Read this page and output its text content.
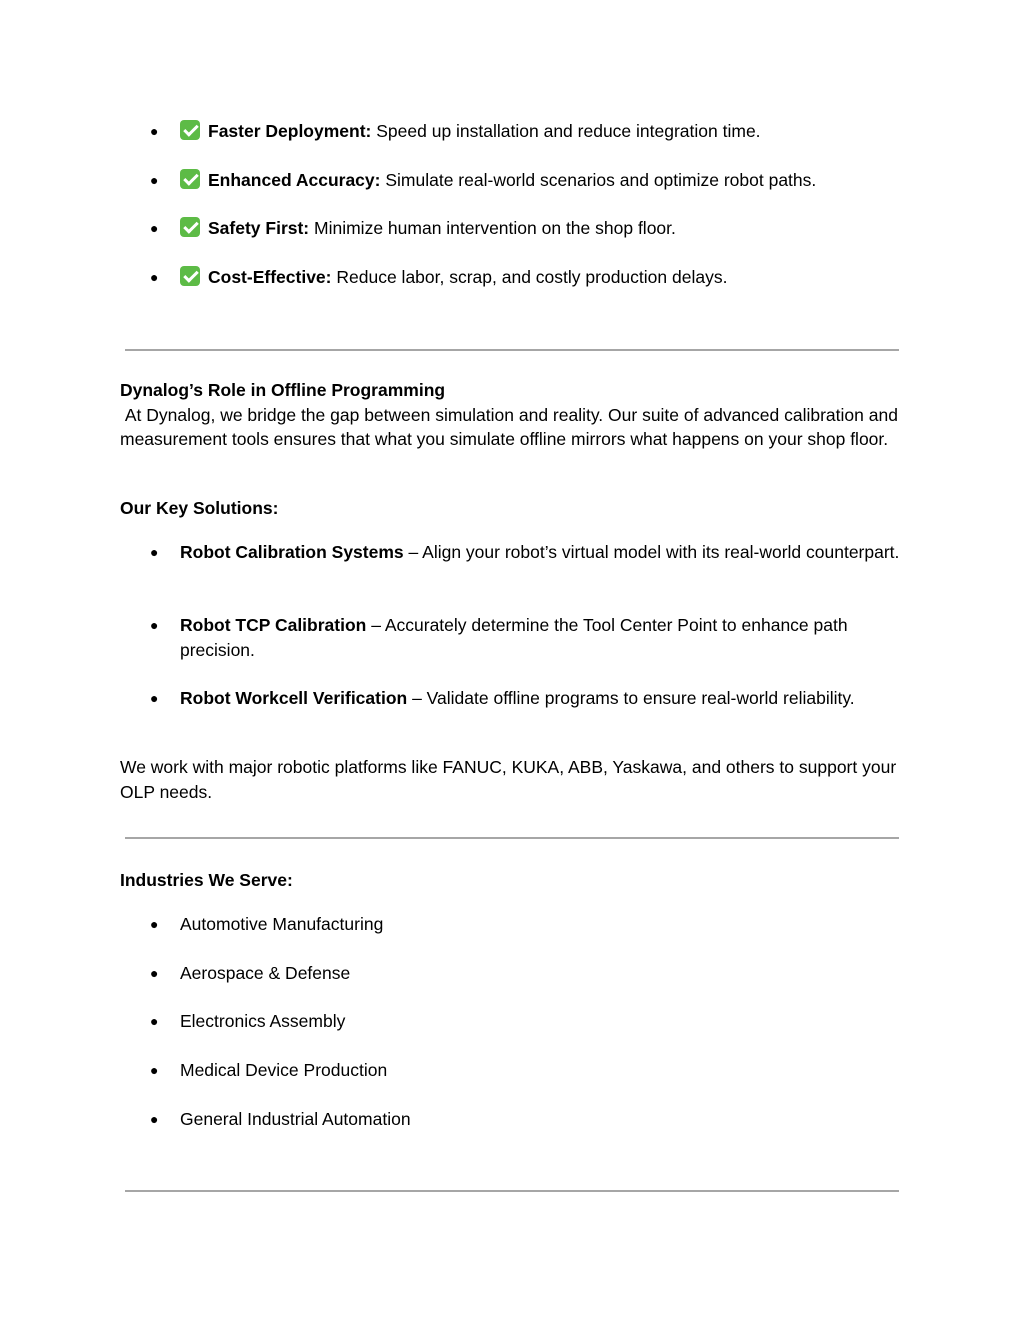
●	Faster Deployment: Speed up installation and reduce integration time.
●	Enhanced Accuracy: Simulate real-world scenarios and optimize robot paths.
●	Safety First: Minimize human intervention on the shop floor.
●	Cost-Effective: Reduce labor, scrap, and costly production delays.

Dynalog’s Role in Offline Programming
At Dynalog, we bridge the gap between simulation and reality. Our suite of advanced calibration and measurement tools ensures that what you simulate offline mirrors what happens on your shop floor.

Our Key Solutions:

●	Robot Calibration Systems – Align your robot’s virtual model with its real-world counterpart.
●	Robot TCP Calibration – Accurately determine the Tool Center Point to enhance path precision.
●	Robot Workcell Verification – Validate offline programs to ensure real-world reliability.

We work with major robotic platforms like FANUC, KUKA, ABB, Yaskawa, and others to support your OLP needs.

Industries We Serve:

●	Automotive Manufacturing
●	Aerospace & Defense
●	Electronics Assembly
●	Medical Device Production
●	General Industrial Automation
